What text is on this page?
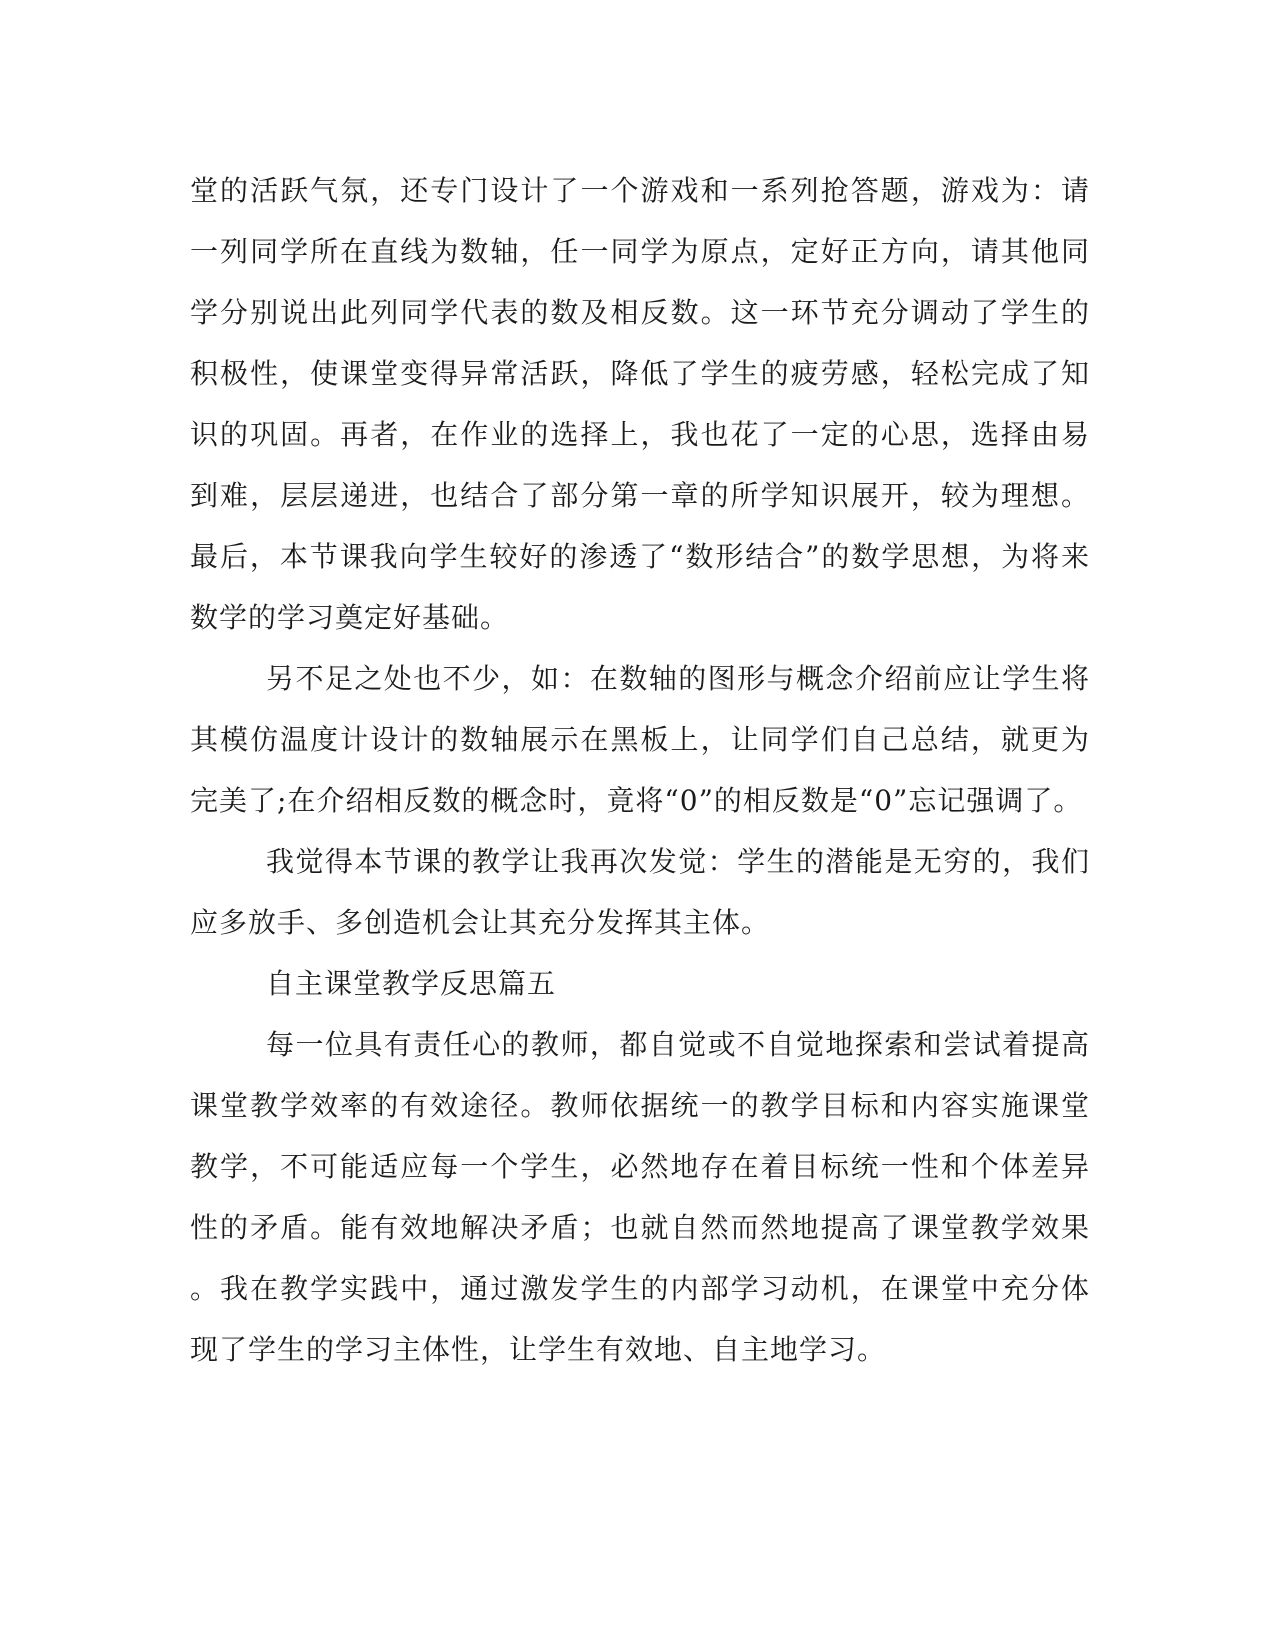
堂的活跃气氛，还专门设计了一个游戏和一系列抢答题，游戏为：请
一列同学所在直线为数轴，任一同学为原点，定好正方向，请其他同
学分别说出此列同学代表的数及相反数。这一环节充分调动了学生的
积极性，使课堂变得异常活跃，降低了学生的疲劳感，轻松完成了知
识的巩固。再者，在作业的选择上，我也花了一定的心思，选择由易
到难，层层递进，也结合了部分第一章的所学知识展开，较为理想。
最后，本节课我向学生较好的渗透了“数形结合”的数学思想，为将来
数学的学习奠定好基础。
另不足之处也不少，如：在数轴的图形与概念介绍前应让学生将
其模仿温度计设计的数轴展示在黑板上，让同学们自己总结，就更为
完美了;在介绍相反数的概念时，竟将“0”的相反数是“0”忘记强调了。
我觉得本节课的教学让我再次发觉：学生的潜能是无穷的，我们
应多放手、多创造机会让其充分发挥其主体。
自主课堂教学反思篇五
每一位具有责任心的教师，都自觉或不自觉地探索和尝试着提高
课堂教学效率的有效途径。教师依据统一的教学目标和内容实施课堂
教学，不可能适应每一个学生，必然地存在着目标统一性和个体差异
性的矛盾。能有效地解决矛盾；也就自然而然地提高了课堂教学效果
。我在教学实践中，通过激发学生的内部学习动机，在课堂中充分体
现了学生的学习主体性，让学生有效地、自主地学习。
